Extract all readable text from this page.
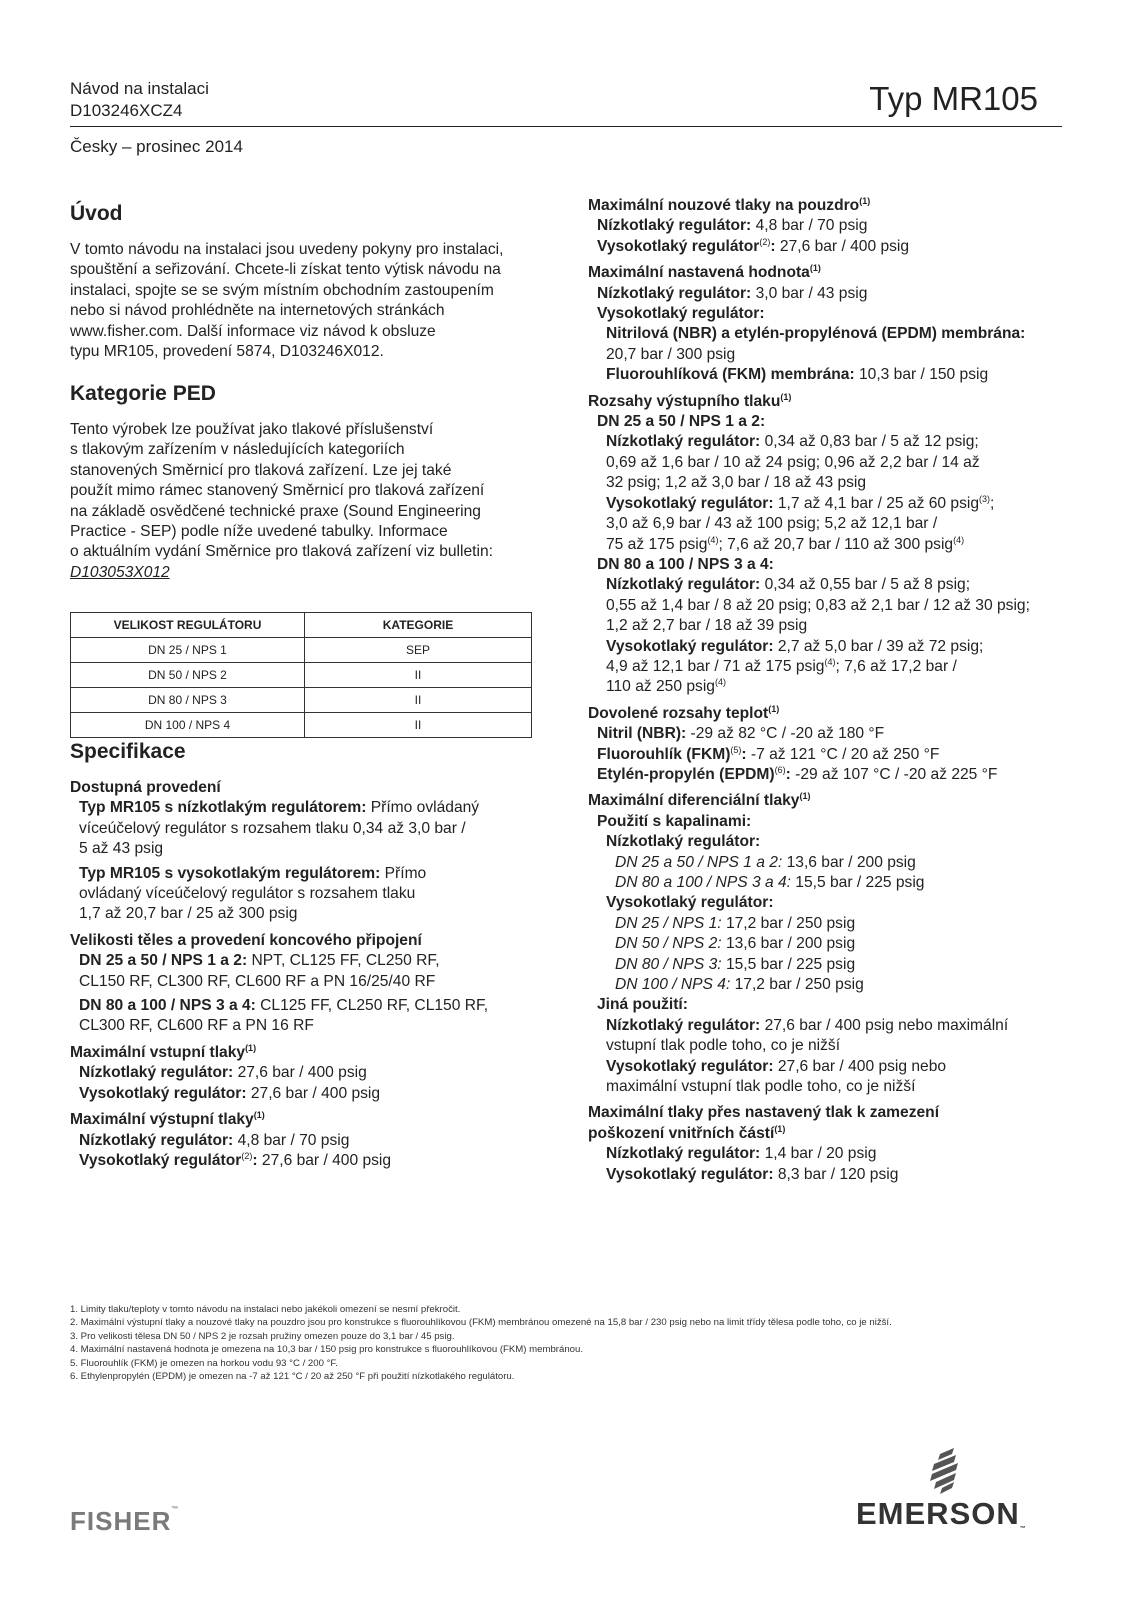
Návod na instalaci
D103246XCZ4	Typ MR105
Česky – prosinec 2014
Úvod
V tomto návodu na instalaci jsou uvedeny pokyny pro instalaci,
spouštění a seřizování. Chcete-li získat tento výtisk návodu na
instalaci, spojte se se svým místním obchodním zastoupením
nebo si návod prohlédněte na internetových stránkách
www.fisher.com. Další informace viz návod k obsluze
typu MR105, provedení 5874, D103246X012.
Kategorie PED
Tento výrobek lze používat jako tlakové příslušenství
s tlakovým zařízením v následujících kategoriích
stanovených Směrnicí pro tlaková zařízení. Lze jej také
použít mimo rámec stanovený Směrnicí pro tlaková zařízení
na základě osvědčené technické praxe (Sound Engineering
Practice - SEP) podle níže uvedené tabulky. Informace
o aktuálním vydání Směrnice pro tlaková zařízení viz bulletin:
D103053X012
VELIKOST REGULÁTORU	KATEGORIE
DN 25 / NPS 1	SEP
DN 50 / NPS 2	II
DN 80 / NPS 3	II
DN 100 / NPS 4	II
Specifikace
Dostupná provedení
Typ MR105 s nízkotlakým regulátorem: Přímo ovládaný
víceúčelový regulátor s rozsahem tlaku 0,34 až 3,0 bar /
5 až 43 psig
Typ MR105 s vysokotlakým regulátorem: Přímo
ovládaný víceúčelový regulátor s rozsahem tlaku
1,7 až 20,7 bar / 25 až 300 psig
Velikosti těles a provedení koncového připojení
DN 25 a 50 / NPS 1 a 2: NPT, CL125 FF, CL250 RF,
CL150 RF, CL300 RF, CL600 RF a PN 16/25/40 RF
DN 80 a 100 / NPS 3 a 4: CL125 FF, CL250 RF, CL150 RF,
CL300 RF, CL600 RF a PN 16 RF
Maximální vstupní tlaky$^{(1)}$
Nízkotlaký regulátor: 27,6 bar / 400 psig
Vysokotlaký regulátor: 27,6 bar / 400 psig
Maximální výstupní tlaky$^{(1)}$
Nízkotlaký regulátor: 4,8 bar / 70 psig
Vysokotlaký regulátor$^{(2)}$: 27,6 bar / 400 psig
Maximální nouzové tlaky na pouzdro$^{(1)}$
Nízkotlaký regulátor: 4,8 bar / 70 psig
Vysokotlaký regulátor$^{(2)}$: 27,6 bar / 400 psig
Maximální nastavená hodnota$^{(1)}$
Nízkotlaký regulátor: 3,0 bar / 43 psig
Vysokotlaký regulátor:
Nitrilová (NBR) a etylén-propylénová (EPDM) membrána:
20,7 bar / 300 psig
Fluorouhlíková (FKM) membrána: 10,3 bar / 150 psig
Rozsahy výstupního tlaku$^{(1)}$
DN 25 a 50 / NPS 1 a 2:
Nízkotlaký regulátor: 0,34 až 0,83 bar / 5 až 12 psig;
0,69 až 1,6 bar / 10 až 24 psig; 0,96 až 2,2 bar / 14 až
32 psig; 1,2 až 3,0 bar / 18 až 43 psig
Vysokotlaký regulátor: 1,7 až 4,1 bar / 25 až 60 psig$^{(3)}$;
3,0 až 6,9 bar / 43 až 100 psig; 5,2 až 12,1 bar /
75 až 175 psig$^{(4)}$; 7,6 až 20,7 bar / 110 až 300 psig$^{(4)}$
DN 80 a 100 / NPS 3 a 4:
Nízkotlaký regulátor: 0,34 až 0,55 bar / 5 až 8 psig;
0,55 až 1,4 bar / 8 až 20 psig; 0,83 až 2,1 bar / 12 až 30 psig;
1,2 až 2,7 bar / 18 až 39 psig
Vysokotlaký regulátor: 2,7 až 5,0 bar / 39 až 72 psig;
4,9 až 12,1 bar / 71 až 175 psig$^{(4)}$; 7,6 až 17,2 bar /
110 až 250 psig$^{(4)}$
Dovolené rozsahy teplot$^{(1)}$
Nitril (NBR): -29 až 82 °C / -20 až 180 °F
Fluorouhlík (FKM)$^{(5)}$: -7 až 121 °C / 20 až 250 °F
Etylén-propylén (EPDM)$^{(6)}$: -29 až 107 °C / -20 až 225 °F
Maximální diferenciální tlaky$^{(1)}$
Použití s kapalinami:
Nízkotlaký regulátor:
DN 25 a 50 / NPS 1 a 2: 13,6 bar / 200 psig
DN 80 a 100 / NPS 3 a 4: 15,5 bar / 225 psig
Vysokotlaký regulátor:
DN 25 / NPS 1: 17,2 bar / 250 psig
DN 50 / NPS 2: 13,6 bar / 200 psig
DN 80 / NPS 3: 15,5 bar / 225 psig
DN 100 / NPS 4: 17,2 bar / 250 psig
Jiná použití:
Nízkotlaký regulátor: 27,6 bar / 400 psig nebo maximální
vstupní tlak podle toho, co je nižší
Vysokotlaký regulátor: 27,6 bar / 400 psig nebo
maximální vstupní tlak podle toho, co je nižší
Maximální tlaky přes nastavený tlak k zamezení
poškození vnitřních částí$^{(1)}$
Nízkotlaký regulátor: 1,4 bar / 20 psig
Vysokotlaký regulátor: 8,3 bar / 120 psig
1. Limity tlaku/teploty v tomto návodu na instalaci nebo jakékoli omezení se nesmí překročit.
2. Maximální výstupní tlaky a nouzové tlaky na pouzdro jsou pro konstrukce s fluorouhlíkovou (FKM) membránou omezené na 15,8 bar / 230 psig nebo na limit třídy tělesa podle toho, co je nižší.
3. Pro velikosti tělesa DN 50 / NPS 2 je rozsah pružiny omezen pouze do 3,1 bar / 45 psig.
4. Maximální nastavená hodnota je omezena na 10,3 bar / 150 psig pro konstrukce s fluorouhlíkovou (FKM) membránou.
5. Fluorouhlík (FKM) je omezen na horkou vodu 93 °C / 200 °F.
6. Ethylenpropylén (EPDM) je omezen na -7 až 121 °C / 20 až 250 °F při použití nízkotlakého regulátoru.
FISHER™	EMERSON™
